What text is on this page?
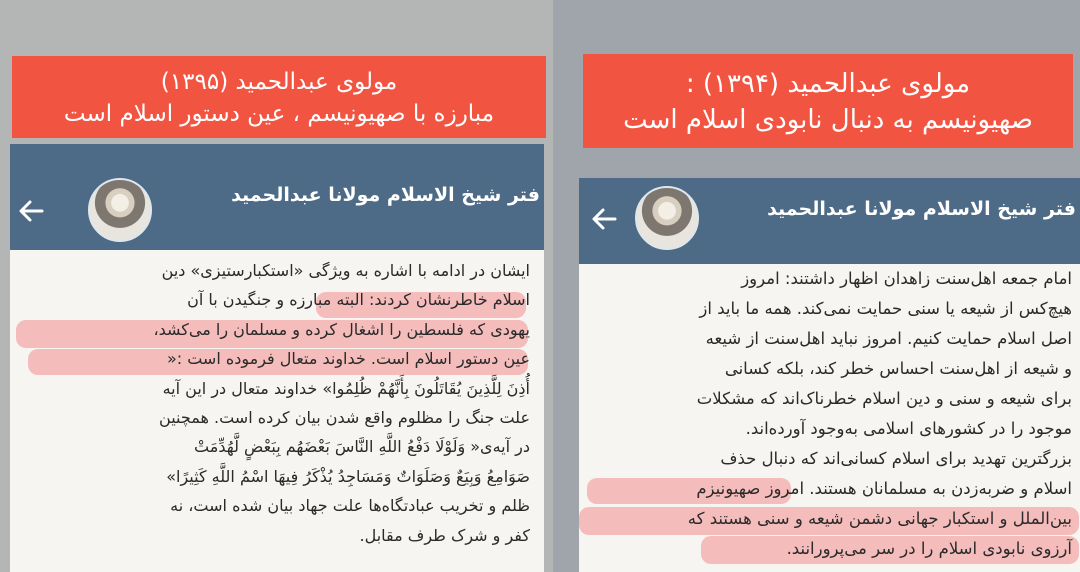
مولوی عبدالحمید (۱۳۹۵)
مبارزه با صهیونیسم ، عین دستور اسلام است
فتر شیخ الاسلام مولانا عبدالحمید

ایشان در ادامه با اشاره به ویژگی «استکبارستیزی» دین

اسلام خاطرنشان کردند: البته مبارزه و جنگیدن با آن

یهودی که فلسطین را اشغال کرده و مسلمان را می‌کشد،

عین دستور اسلام است. خداوند متعال فرموده است :«

أُذِنَ لِلَّذِينَ يُقَاتَلُونَ بِأَنَّهُمْ ظُلِمُوا» خداوند متعال در این آیه

علت جنگ را مظلوم واقع شدن بیان کرده است. همچنین

در آیه‌ی« وَلَوْلَا دَفْعُ اللَّهِ النَّاسَ بَعْضَهُم بِبَعْضٍ لَّهُدِّمَتْ

صَوَامِعُ وَبِيَعٌ وَصَلَوَاتٌ وَمَسَاجِدُ يُذْكَرُ فِيهَا اسْمُ اللَّهِ كَثِيرًا»

ظلم و تخریب عبادتگاه‌ها علت جهاد بیان شده است، نه

کفر و شرک طرف مقابل.

مولوی عبدالحمید (۱۳۹۴) :
صهیونیسم به دنبال نابودی اسلام است
فتر شیخ الاسلام مولانا عبدالحمید

امام جمعه اهل‌سنت زاهدان اظهار داشتند: امروز

هیچ‌کس از شیعه یا سنی حمایت نمی‌کند. همه ما باید از

اصل اسلام حمایت کنیم. امروز نباید اهل‌سنت از شیعه

و شیعه از اهل‌سنت احساس خطر کند، بلکه کسانی

برای شیعه و سنی و دین اسلام خطرناک‌اند که مشکلات

موجود را در کشورهای اسلامی به‌وجود آورده‌اند.

بزرگترین تهدید برای اسلام کسانی‌اند که دنبال حذف

اسلام و ضربه‌زدن به مسلمانان هستند. امروز صهیونیزم

بین‌الملل و استکبار جهانی دشمن شیعه و سنی هستند که

آرزوی نابودی اسلام را در سر می‌پرورانند.
